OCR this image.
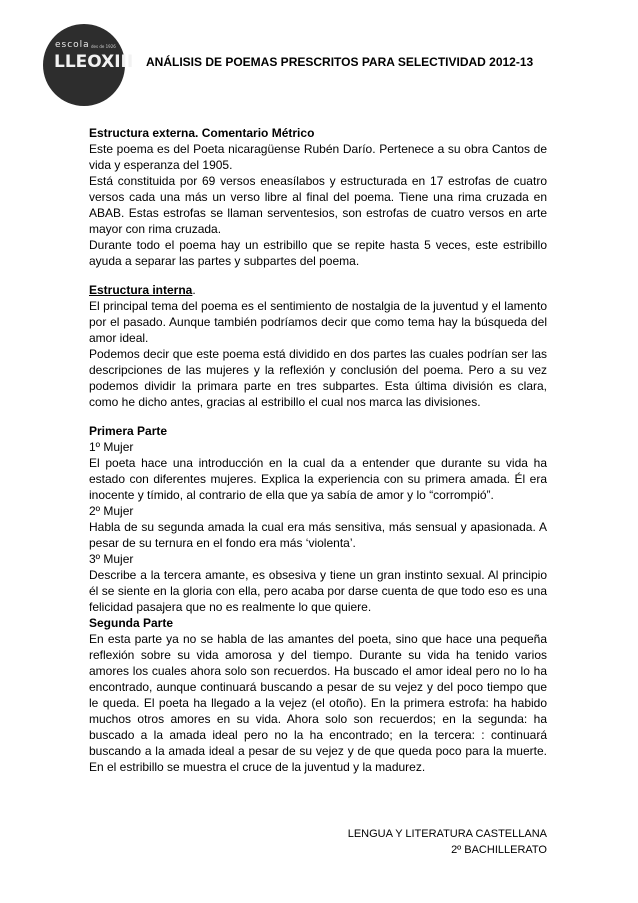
escola des de 1926
LLEOXIII ANÁLISIS DE POEMAS PRESCRITOS PARA SELECTIVIDAD 2012-13
Estructura externa. Comentario Métrico

Este poema es del Poeta nicaragüense Rubén Darío. Pertenece a su obra Cantos de vida y esperanza del 1905.

Está constituida por 69 versos eneasílabos y estructurada en 17 estrofas de cuatro versos cada una más un verso libre al final del poema. Tiene una rima cruzada en ABAB. Estas estrofas se llaman serventesios, son estrofas de cuatro versos en arte mayor con rima cruzada.

Durante todo el poema hay un estribillo que se repite hasta 5 veces, este estribillo ayuda a separar las partes y subpartes del poema.

Estructura interna.

El principal tema del poema es el sentimiento de nostalgia de la juventud y el lamento por el pasado. Aunque también podríamos decir que como tema hay la búsqueda del amor ideal.

Podemos decir que este poema está dividido en dos partes las cuales podrían ser las descripciones de las mujeres y la reflexión y conclusión del poema. Pero a su vez podemos dividir la primara parte en tres subpartes. Esta última división es clara, como he dicho antes, gracias al estribillo el cual nos marca las divisiones.

Primera Parte
1º Mujer

El poeta hace una introducción en la cual da a entender que durante su vida ha estado con diferentes mujeres. Explica la experiencia con su primera amada. Él era inocente y tímido, al contrario de ella que ya sabía de amor y lo “corrompió”.

2º Mujer

Habla de su segunda amada la cual era más sensitiva, más sensual y apasionada. A pesar de su ternura en el fondo era más ‘violenta’.

3º Mujer

Describe a la tercera amante, es obsesiva y tiene un gran instinto sexual. Al principio él se siente en la gloria con ella, pero acaba por darse cuenta de que todo eso es una felicidad pasajera que no es realmente lo que quiere.

Segunda Parte

En esta parte ya no se habla de las amantes del poeta, sino que hace una pequeña reflexión sobre su vida amorosa y del tiempo. Durante su vida ha tenido varios amores los cuales ahora solo son recuerdos. Ha buscado el amor ideal pero no lo ha encontrado, aunque continuará buscando a pesar de su vejez y del poco tiempo que le queda. El poeta ha llegado a la vejez (el otoño). En la primera estrofa: ha habido muchos otros amores en su vida. Ahora solo son recuerdos; en la segunda: ha buscado a la amada ideal pero no la ha encontrado; en la tercera: : continuará buscando a la amada ideal a pesar de su vejez y de que queda poco para la muerte. En el estribillo se muestra el cruce de la juventud y la madurez.

LENGUA Y LITERATURA CASTELLANA
2º BACHILLERATO
